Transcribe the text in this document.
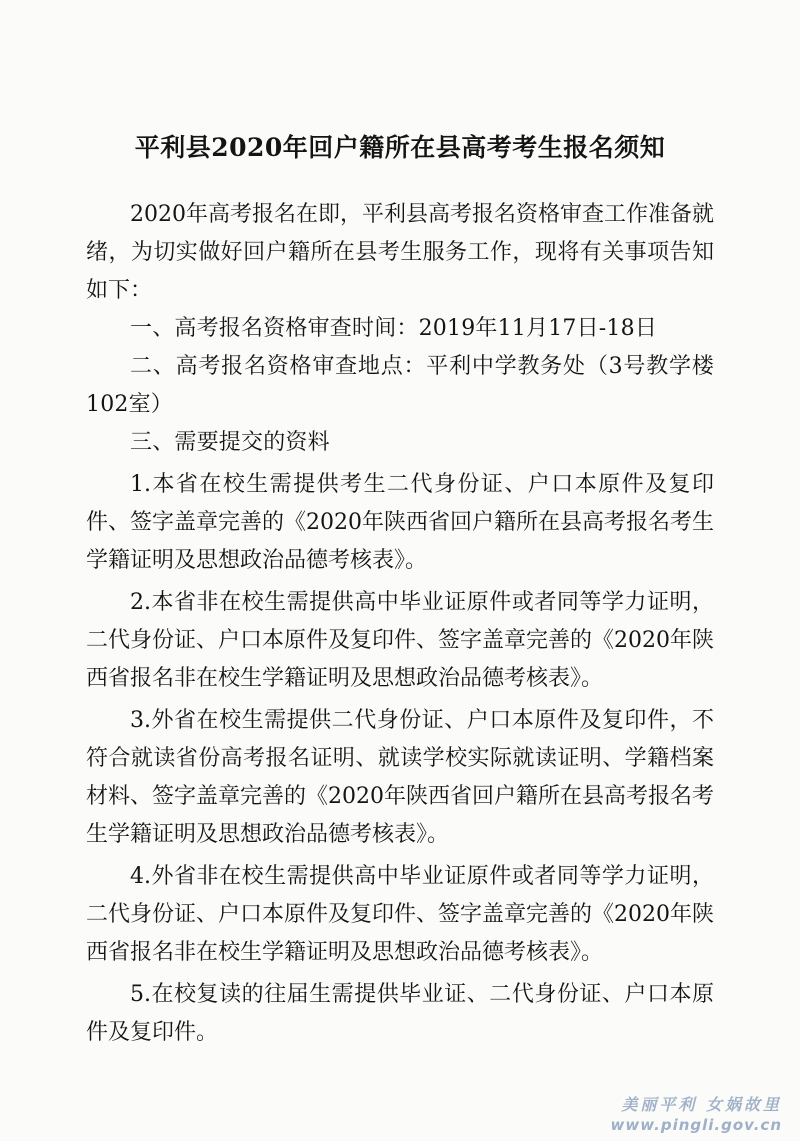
平利县2020年回户籍所在县高考考生报名须知

2020年高考报名在即，平利县高考报名资格审查工作准备就绪，为切实做好回户籍所在县考生服务工作，现将有关事项告知如下：

一、高考报名资格审查时间：2019年11月17日-18日

二、高考报名资格审查地点：平利中学教务处（3号教学楼102室）

三、需要提交的资料

1.本省在校生需提供考生二代身份证、户口本原件及复印件、签字盖章完善的《2020年陕西省回户籍所在县高考报名考生学籍证明及思想政治品德考核表》。

2.本省非在校生需提供高中毕业证原件或者同等学力证明，二代身份证、户口本原件及复印件、签字盖章完善的《2020年陕西省报名非在校生学籍证明及思想政治品德考核表》。

3.外省在校生需提供二代身份证、户口本原件及复印件，不符合就读省份高考报名证明、就读学校实际就读证明、学籍档案材料、签字盖章完善的《2020年陕西省回户籍所在县高考报名考生学籍证明及思想政治品德考核表》。

4.外省非在校生需提供高中毕业证原件或者同等学力证明，二代身份证、户口本原件及复印件、签字盖章完善的《2020年陕西省报名非在校生学籍证明及思想政治品德考核表》。

5.在校复读的往届生需提供毕业证、二代身份证、户口本原件及复印件。

美丽平利 女娲故里
www.pingli.gov.cn
